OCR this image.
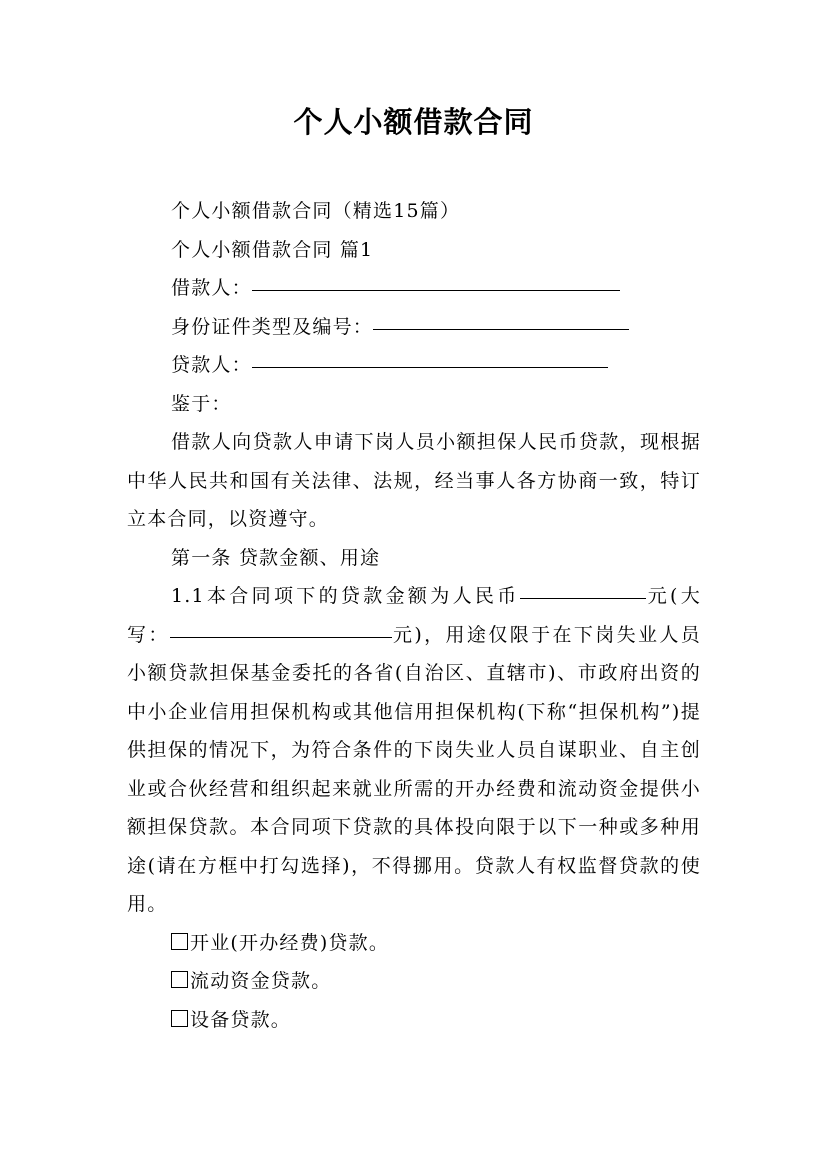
个人小额借款合同
个人小额借款合同（精选15篇）
个人小额借款合同 篇1
借款人：
身份证件类型及编号：
贷款人：
鉴于：
借款人向贷款人申请下岗人员小额担保人民币贷款，现根据中华人民共和国有关法律、法规，经当事人各方协商一致，特订立本合同，以资遵守。
第一条 贷款金额、用途
1.1本合同项下的贷款金额为人民币	元(大写：	元)，用途仅限于在下岗失业人员小额贷款担保基金委托的各省(自治区、直辖市)、市政府出资的中小企业信用担保机构或其他信用担保机构(下称“担保机构”)提供担保的情况下，为符合条件的下岗失业人员自谋职业、自主创业或合伙经营和组织起来就业所需的开办经费和流动资金提供小额担保贷款。本合同项下贷款的具体投向限于以下一种或多种用途(请在方框中打勾选择)，不得挪用。贷款人有权监督贷款的使用。
开业(开办经费)贷款。
流动资金贷款。
设备贷款。
